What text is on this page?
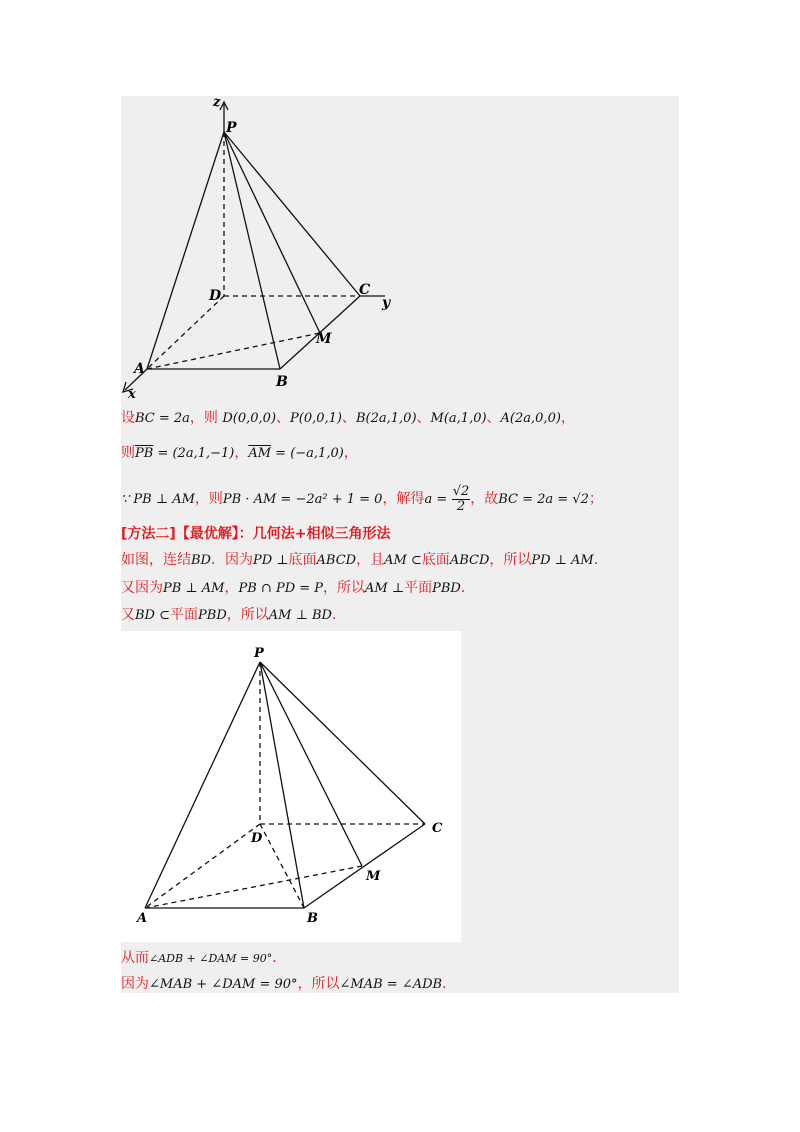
z
P
D	C
y
M
A
B
x
设BC = 2a，则 D(0,0,0)、P(0,0,1)、B(2a,1,0)、M(a,1,0)、A(2a,0,0)，
则$\overline{PB} = (2a,1,-1)$，$\overline{AM} = (-a,1,0)$，
∵ PB ⊥ AM，则PB · AM = −2a² + 1 = 0，解得$a = \frac{√2}{2}$ ，故BC = 2a = √2；
[方法二]【最优解】：几何法+相似三角形法
如图，连结BD．因为PD ⊥底面ABCD，且AM ⊂底面ABCD，所以PD ⊥ AM．
又因为PB ⊥ AM，PB ∩ PD = P，所以AM ⊥平面PBD．
又BD ⊂平面PBD，所以AM ⊥ BD．
P
D
C
M
A	B
从而∠ADB + ∠DAM = 90°．
因为∠MAB + ∠DAM = 90°，所以∠MAB = ∠ADB．
